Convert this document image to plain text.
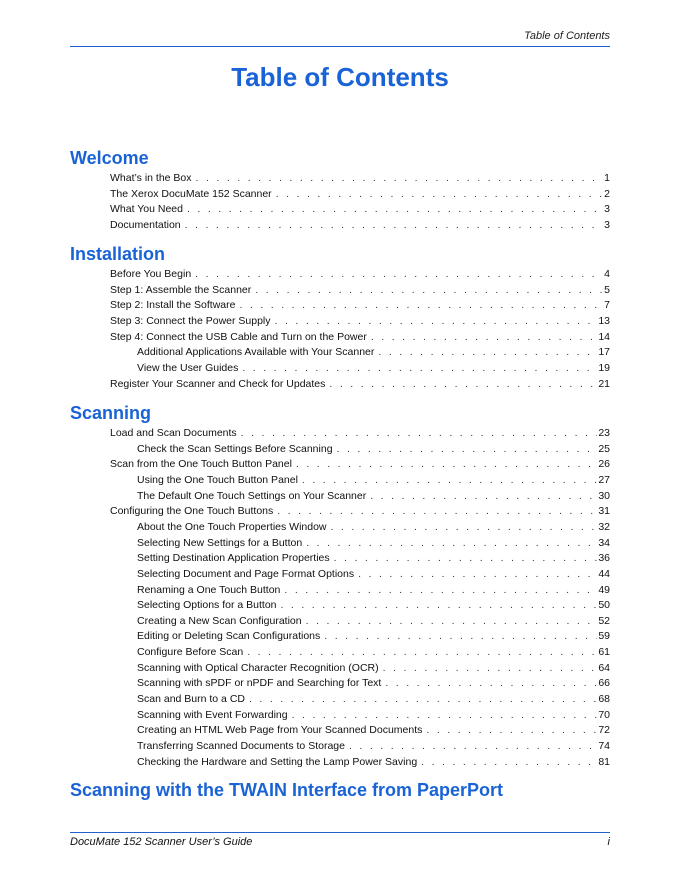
Table of Contents
Table of Contents
Welcome
What’s in the Box . . .	1
The Xerox DocuMate 152 Scanner . . .	2
What You Need . . .	3
Documentation . . .	3
Installation
Before You Begin . . .	4
Step 1: Assemble the Scanner . . .	5
Step 2: Install the Software . . .	7
Step 3: Connect the Power Supply . . .	13
Step 4: Connect the USB Cable and Turn on the Power . . .	14
Additional Applications Available with Your Scanner . . .	17
View the User Guides . . .	19
Register Your Scanner and Check for Updates . . .	21
Scanning
Load and Scan Documents . . .	23
Check the Scan Settings Before Scanning . . .	25
Scan from the One Touch Button Panel . . .	26
Using the One Touch Button Panel . . .	27
The Default One Touch Settings on Your Scanner . . .	30
Configuring the One Touch Buttons . . .	31
About the One Touch Properties Window . . .	32
Selecting New Settings for a Button . . .	34
Setting Destination Application Properties . . .	36
Selecting Document and Page Format Options . . .	44
Renaming a One Touch Button . . .	49
Selecting Options for a Button . . .	50
Creating a New Scan Configuration . . .	52
Editing or Deleting Scan Configurations . . .	59
Configure Before Scan . . .	61
Scanning with Optical Character Recognition (OCR) . . .	64
Scanning with sPDF or nPDF and Searching for Text . . .	66
Scan and Burn to a CD . . .	68
Scanning with Event Forwarding . . .	70
Creating an HTML Web Page from Your Scanned Documents . . .	72
Transferring Scanned Documents to Storage . . .	74
Checking the Hardware and Setting the Lamp Power Saving . . .	81
Scanning with the TWAIN Interface from PaperPort
DocuMate 152 Scanner User’s Guide	i
